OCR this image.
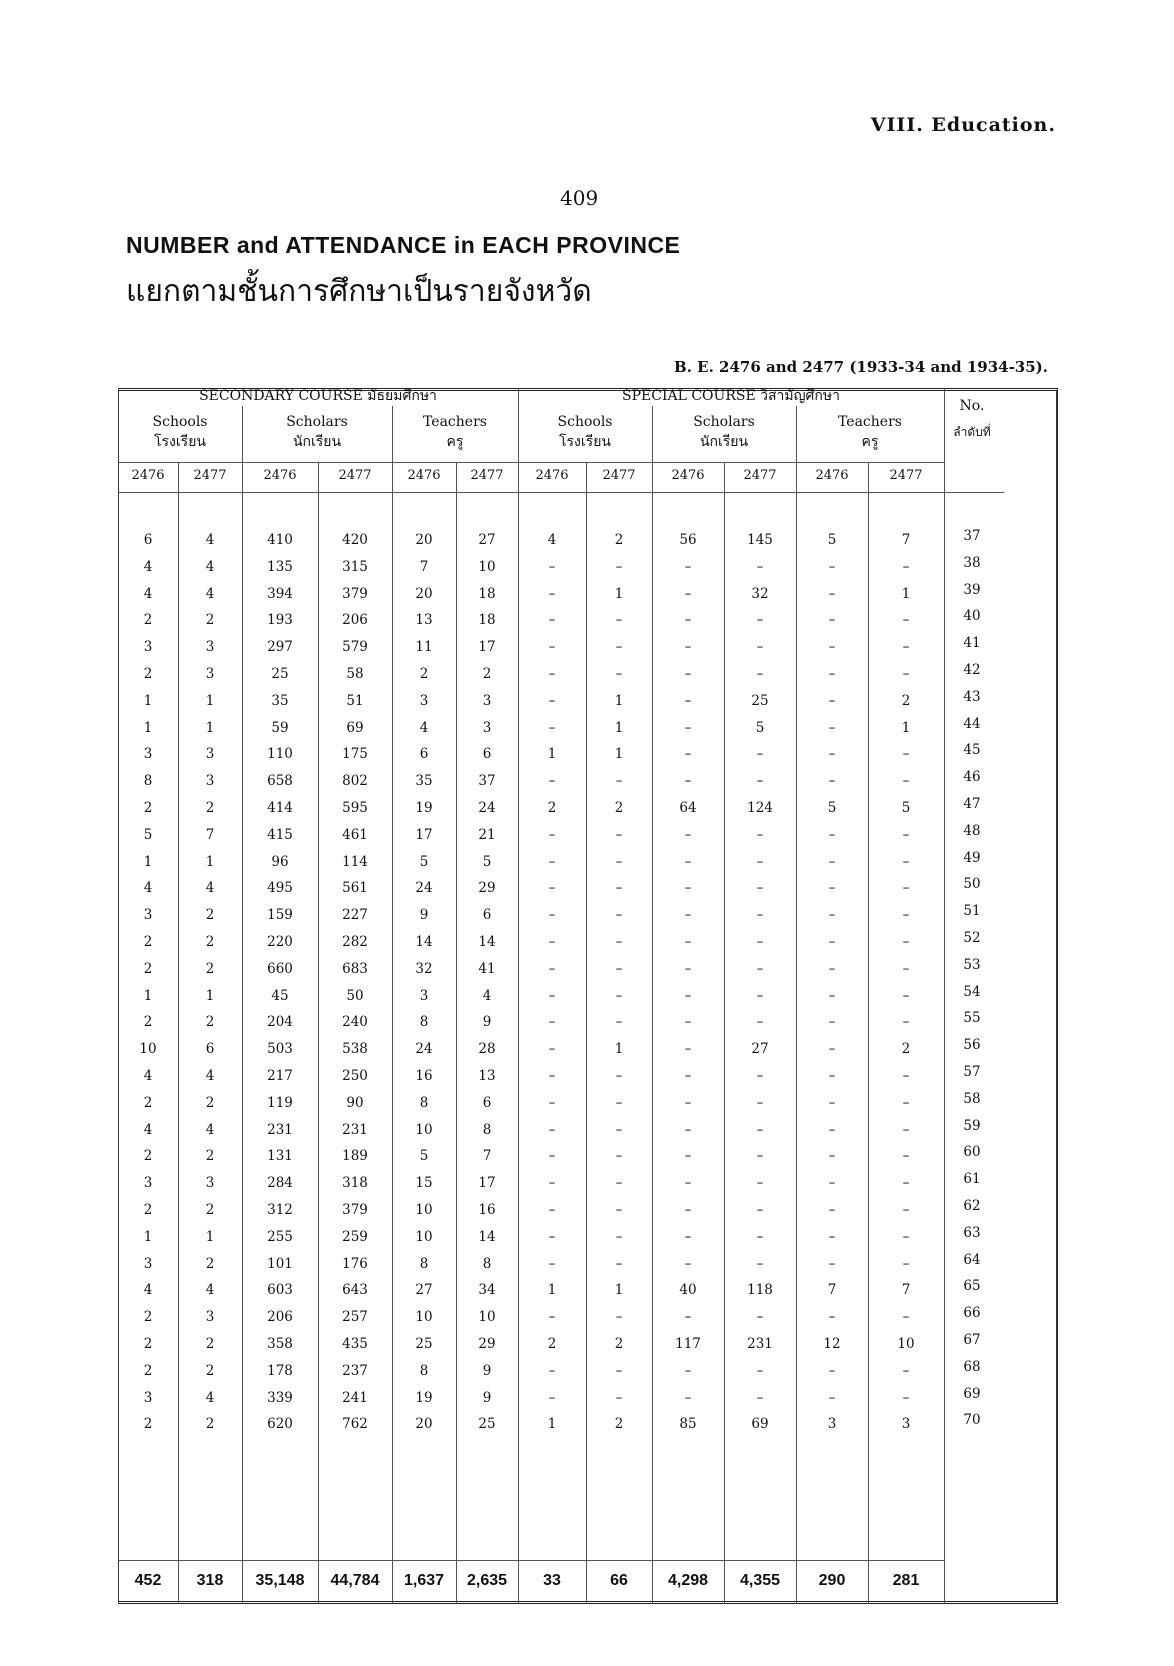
VIII. Education.
409
NUMBER and ATTENDANCE in EACH PROVINCE
แยกตามชั้นการศึกษาเป็นรายจังหวัด
B. E. 2476 and 2477 (1933-34 and 1934-35).
SECONDARY COURSE มัธยมศึกษา	SPECIAL COURSE วิสามัญศึกษา
Schools
โรงเรียน
Scholars
นักเรียน
Teachers
ครู
Schools
โรงเรียน
Scholars
นักเรียน
Teachers
ครู
No.
ลำดับที่
2476	2477	2476	2477	2476	2477	2476	2477	2476	2477	2476	2477
6	4	410	420	20	27	4	2	56	145	5	7	37
4	4	135	315	7	10	–	–	–	–	–	–	38
4	4	394	379	20	18	–	1	–	32	–	1	39
2	2	193	206	13	18	–	–	–	–	–	–	40
3	3	297	579	11	17	–	–	–	–	–	–	41
2	3	25	58	2	2	–	–	–	–	–	–	42
1	1	35	51	3	3	–	1	–	25	–	2	43
1	1	59	69	4	3	–	1	–	5	–	1	44
3	3	110	175	6	6	1	1	–	–	–	–	45
8	3	658	802	35	37	–	–	–	–	–	–	46
2	2	414	595	19	24	2	2	64	124	5	5	47
5	7	415	461	17	21	–	–	–	–	–	–	48
1	1	96	114	5	5	–	–	–	–	–	–	49
4	4	495	561	24	29	–	–	–	–	–	–	50
3	2	159	227	9	6	–	–	–	–	–	–	51
2	2	220	282	14	14	–	–	–	–	–	–	52
2	2	660	683	32	41	–	–	–	–	–	–	53
1	1	45	50	3	4	–	–	–	–	–	–	54
2	2	204	240	8	9	–	–	–	–	–	–	55
10	6	503	538	24	28	–	1	–	27	–	2	56
4	4	217	250	16	13	–	–	–	–	–	–	57
2	2	119	90	8	6	–	–	–	–	–	–	58
4	4	231	231	10	8	–	–	–	–	–	–	59
2	2	131	189	5	7	–	–	–	–	–	–	60
3	3	284	318	15	17	–	–	–	–	–	–	61
2	2	312	379	10	16	–	–	–	–	–	–	62
1	1	255	259	10	14	–	–	–	–	–	–	63
3	2	101	176	8	8	–	–	–	–	–	–	64
4	4	603	643	27	34	1	1	40	118	7	7	65
2	3	206	257	10	10	–	–	–	–	–	–	66
2	2	358	435	25	29	2	2	117	231	12	10	67
2	2	178	237	8	9	–	–	–	–	–	–	68
3	4	339	241	19	9	–	–	–	–	–	–	69
2	2	620	762	20	25	1	2	85	69	3	3	70
452	318	35,148	44,784	1,637	2,635	33	66	4,298	4,355	290	281
